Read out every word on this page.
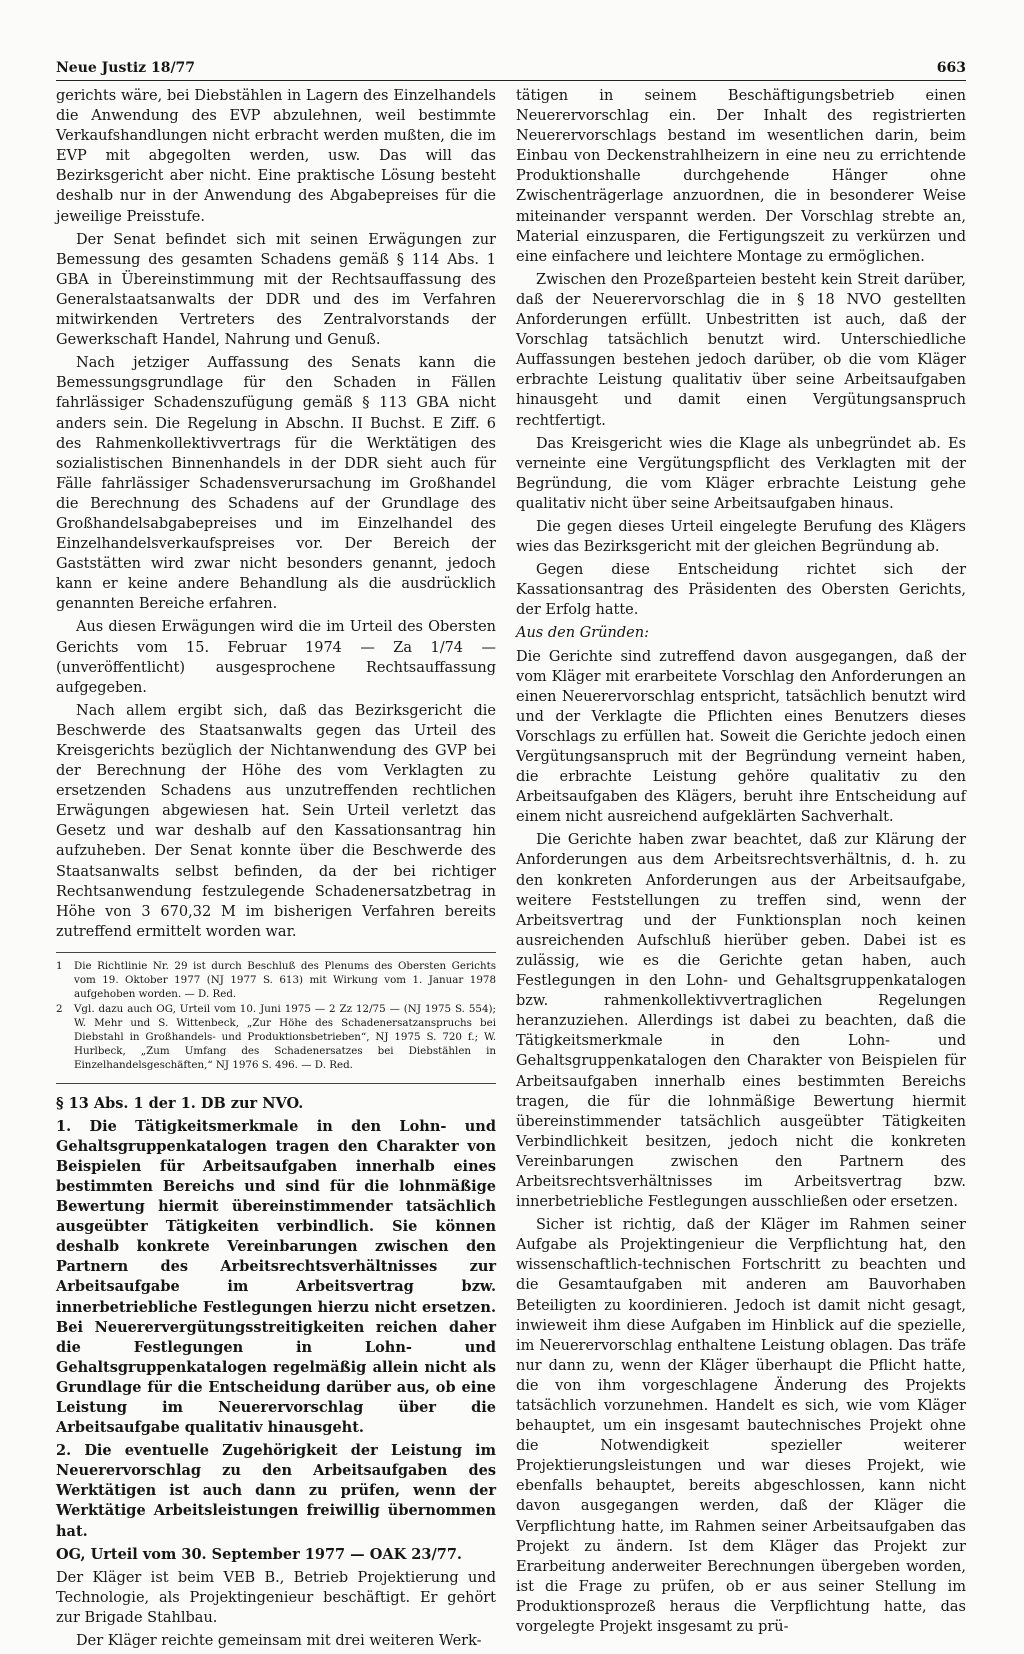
Neue Justiz 18/77	663

gerichts wäre, bei Diebstählen in Lagern des Einzelhandels die Anwendung des EVP abzulehnen, weil bestimmte Verkaufshandlungen nicht erbracht werden mußten, die im EVP mit abgegolten werden, usw. Das will das Bezirksgericht aber nicht. Eine praktische Lösung besteht deshalb nur in der Anwendung des Abgabepreises für die jeweilige Preisstufe.

Der Senat befindet sich mit seinen Erwägungen zur Bemessung des gesamten Schadens gemäß § 114 Abs. 1 GBA in Übereinstimmung mit der Rechtsauffassung des Generalstaatsanwalts der DDR und des im Verfahren mitwirkenden Vertreters des Zentralvorstands der Gewerkschaft Handel, Nahrung und Genuß.

Nach jetziger Auffassung des Senats kann die Bemessungsgrundlage für den Schaden in Fällen fahrlässiger Schadenszufügung gemäß § 113 GBA nicht anders sein. Die Regelung in Abschn. II Buchst. E Ziff. 6 des Rahmenkollektivvertrags für die Werktätigen des sozialistischen Binnenhandels in der DDR sieht auch für Fälle fahrlässiger Schadensverursachung im Großhandel die Berechnung des Schadens auf der Grundlage des Großhandelsabgabepreises und im Einzelhandel des Einzelhandelsverkaufspreises vor. Der Bereich der Gaststätten wird zwar nicht besonders genannt, jedoch kann er keine andere Behandlung als die ausdrücklich genannten Bereiche erfahren.

Aus diesen Erwägungen wird die im Urteil des Obersten Gerichts vom 15. Februar 1974 — Za 1/74 — (unveröffentlicht) ausgesprochene Rechtsauffassung aufgegeben.

Nach allem ergibt sich, daß das Bezirksgericht die Beschwerde des Staatsanwalts gegen das Urteil des Kreisgerichts bezüglich der Nichtanwendung des GVP bei der Berechnung der Höhe des vom Verklagten zu ersetzenden Schadens aus unzutreffenden rechtlichen Erwägungen abgewiesen hat. Sein Urteil verletzt das Gesetz und war deshalb auf den Kassationsantrag hin aufzuheben. Der Senat konnte über die Beschwerde des Staatsanwalts selbst befinden, da der bei richtiger Rechtsanwendung festzulegende Schadenersatzbetrag in Höhe von 3 670,32 M im bisherigen Verfahren bereits zutreffend ermittelt worden war.

1	Die Richtlinie Nr. 29 ist durch Beschluß des Plenums des Obersten Gerichts vom 19. Oktober 1977 (NJ 1977 S. 613) mit Wirkung vom 1. Januar 1978 aufgehoben worden. — D. Red.
2	Vgl. dazu auch OG, Urteil vom 10. Juni 1975 — 2 Zz 12/75 — (NJ 1975 S. 554); W. Mehr und S. Wittenbeck, „Zur Höhe des Schadenersatzanspruchs bei Diebstahl in Großhandels- und Produktionsbetrieben“, NJ 1975 S. 720 f.; W. Hurlbeck, „Zum Umfang des Schadenersatzes bei Diebstählen in Einzelhandelsgeschäften,“ NJ 1976 S. 496. — D. Red.

§ 13 Abs. 1 der 1. DB zur NVO.

1. Die Tätigkeitsmerkmale in den Lohn- und Gehaltsgruppenkatalogen tragen den Charakter von Beispielen für Arbeitsaufgaben innerhalb eines bestimmten Bereichs und sind für die lohnmäßige Bewertung hiermit übereinstimmender tatsächlich ausgeübter Tätigkeiten verbindlich. Sie können deshalb konkrete Vereinbarungen zwischen den Partnern des Arbeitsrechtsverhältnisses zur Arbeitsaufgabe im Arbeitsvertrag bzw. innerbetriebliche Festlegungen hierzu nicht ersetzen. Bei Neuerervergütungsstreitigkeiten reichen daher die Festlegungen in Lohn- und Gehaltsgruppenkatalogen regelmäßig allein nicht als Grundlage für die Entscheidung darüber aus, ob eine Leistung im Neuerervorschlag über die Arbeitsaufgabe qualitativ hinausgeht.

2. Die eventuelle Zugehörigkeit der Leistung im Neuerervorschlag zu den Arbeitsaufgaben des Werktätigen ist auch dann zu prüfen, wenn der Werktätige Arbeitsleistungen freiwillig übernommen hat.

OG, Urteil vom 30. September 1977 — OAK 23/77.

Der Kläger ist beim VEB B., Betrieb Projektierung und Technologie, als Projektingenieur beschäftigt. Er gehört zur Brigade Stahlbau.

Der Kläger reichte gemeinsam mit drei weiteren Werk-

tätigen in seinem Beschäftigungsbetrieb einen Neuerervorschlag ein. Der Inhalt des registrierten Neuerervorschlags bestand im wesentlichen darin, beim Einbau von Deckenstrahlheizern in eine neu zu errichtende Produktionshalle durchgehende Hänger ohne Zwischenträgerlage anzuordnen, die in besonderer Weise miteinander verspannt werden. Der Vorschlag strebte an, Material einzusparen, die Fertigungszeit zu verkürzen und eine einfachere und leichtere Montage zu ermöglichen.

Zwischen den Prozeßparteien besteht kein Streit darüber, daß der Neuerervorschlag die in § 18 NVO gestellten Anforderungen erfüllt. Unbestritten ist auch, daß der Vorschlag tatsächlich benutzt wird. Unterschiedliche Auffassungen bestehen jedoch darüber, ob die vom Kläger erbrachte Leistung qualitativ über seine Arbeitsaufgaben hinausgeht und damit einen Vergütungsanspruch rechtfertigt.

Das Kreisgericht wies die Klage als unbegründet ab. Es verneinte eine Vergütungspflicht des Verklagten mit der Begründung, die vom Kläger erbrachte Leistung gehe qualitativ nicht über seine Arbeitsaufgaben hinaus.

Die gegen dieses Urteil eingelegte Berufung des Klägers wies das Bezirksgericht mit der gleichen Begründung ab.

Gegen diese Entscheidung richtet sich der Kassationsantrag des Präsidenten des Obersten Gerichts, der Erfolg hatte.

Aus den Gründen:

Die Gerichte sind zutreffend davon ausgegangen, daß der vom Kläger mit erarbeitete Vorschlag den Anforderungen an einen Neuerervorschlag entspricht, tatsächlich benutzt wird und der Verklagte die Pflichten eines Benutzers dieses Vorschlags zu erfüllen hat. Soweit die Gerichte jedoch einen Vergütungsanspruch mit der Begründung verneint haben, die erbrachte Leistung gehöre qualitativ zu den Arbeitsaufgaben des Klägers, beruht ihre Entscheidung auf einem nicht ausreichend aufgeklärten Sachverhalt.

Die Gerichte haben zwar beachtet, daß zur Klärung der Anforderungen aus dem Arbeitsrechtsverhältnis, d. h. zu den konkreten Anforderungen aus der Arbeitsaufgabe, weitere Feststellungen zu treffen sind, wenn der Arbeitsvertrag und der Funktionsplan noch keinen ausreichenden Aufschluß hierüber geben. Dabei ist es zulässig, wie es die Gerichte getan haben, auch Festlegungen in den Lohn- und Gehaltsgruppenkatalogen bzw. rahmenkollektivvertraglichen Regelungen heranzuziehen. Allerdings ist dabei zu beachten, daß die Tätigkeitsmerkmale in den Lohn- und Gehaltsgruppenkatalogen den Charakter von Beispielen für Arbeitsaufgaben innerhalb eines bestimmten Bereichs tragen, die für die lohnmäßige Bewertung hiermit übereinstimmender tatsächlich ausgeübter Tätigkeiten Verbindlichkeit besitzen, jedoch nicht die konkreten Vereinbarungen zwischen den Partnern des Arbeitsrechtsverhältnisses im Arbeitsvertrag bzw. innerbetriebliche Festlegungen ausschließen oder ersetzen.

Sicher ist richtig, daß der Kläger im Rahmen seiner Aufgabe als Projektingenieur die Verpflichtung hat, den wissenschaftlich-technischen Fortschritt zu beachten und die Gesamtaufgaben mit anderen am Bauvorhaben Beteiligten zu koordinieren. Jedoch ist damit nicht gesagt, inwieweit ihm diese Aufgaben im Hinblick auf die spezielle, im Neuerervorschlag enthaltene Leistung oblagen. Das träfe nur dann zu, wenn der Kläger überhaupt die Pflicht hatte, die von ihm vorgeschlagene Änderung des Projekts tatsächlich vorzunehmen. Handelt es sich, wie vom Kläger behauptet, um ein insgesamt bautechnisches Projekt ohne die Notwendigkeit spezieller weiterer Projektierungsleistungen und war dieses Projekt, wie ebenfalls behauptet, bereits abgeschlossen, kann nicht davon ausgegangen werden, daß der Kläger die Verpflichtung hatte, im Rahmen seiner Arbeitsaufgaben das Projekt zu ändern. Ist dem Kläger das Projekt zur Erarbeitung anderweiter Berechnungen übergeben worden, ist die Frage zu prüfen, ob er aus seiner Stellung im Produktionsprozeß heraus die Verpflichtung hatte, das vorgelegte Projekt insgesamt zu prü-
